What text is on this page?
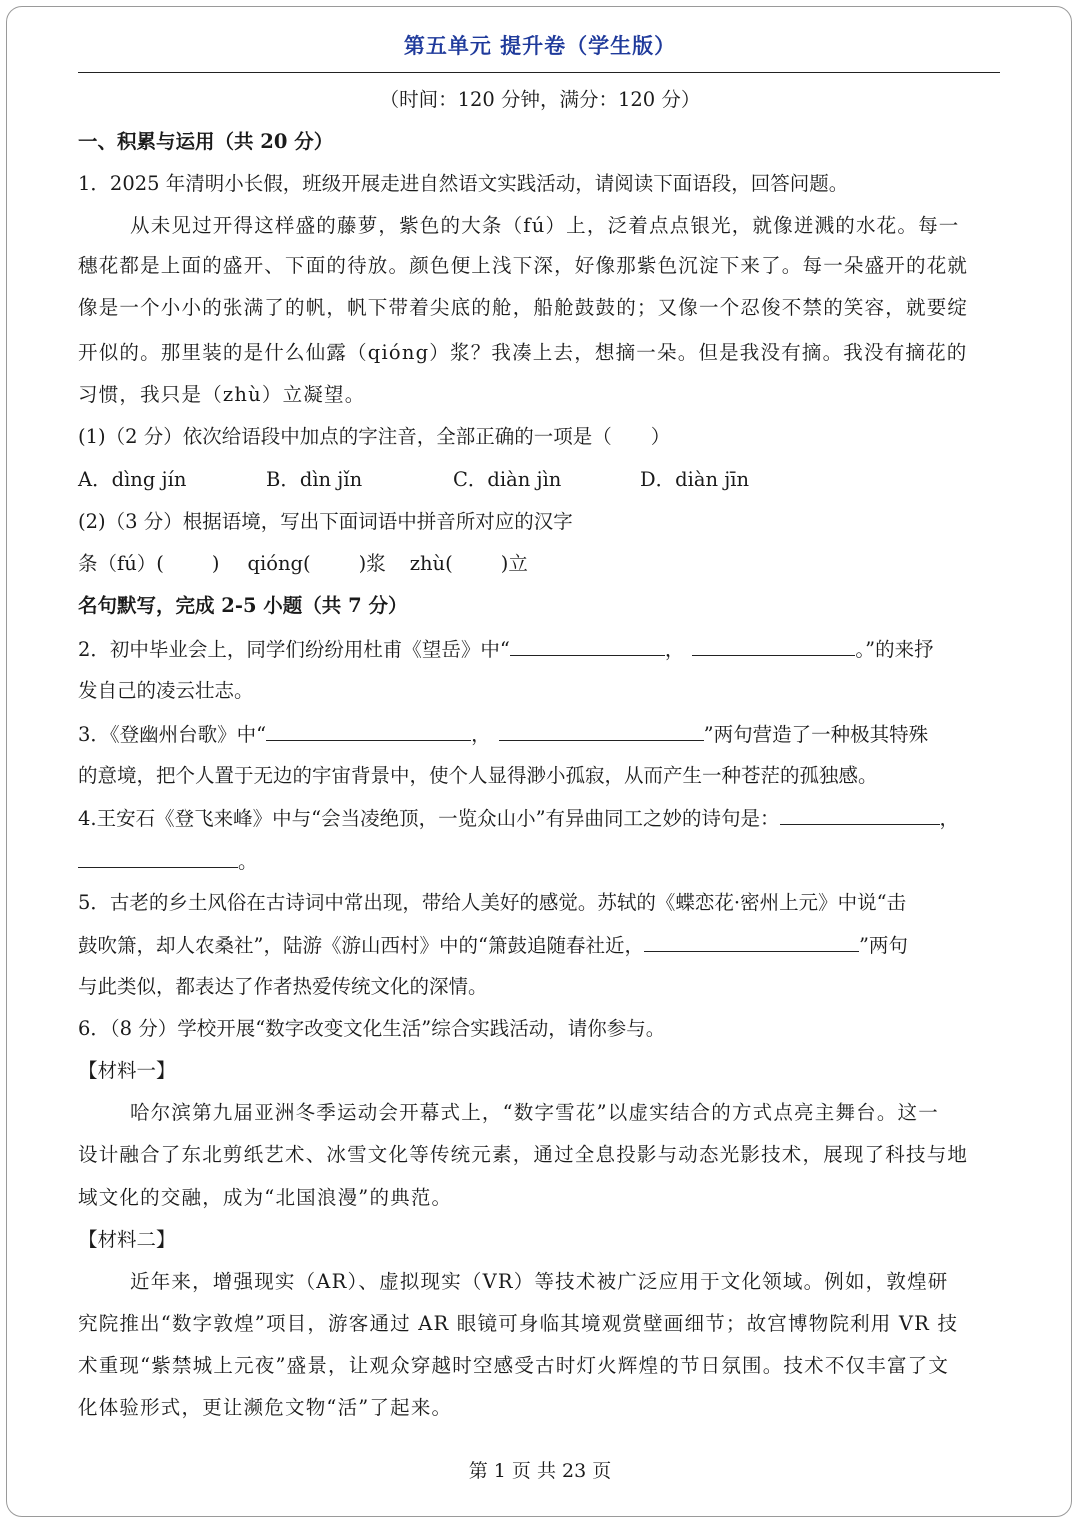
第五单元 提升卷（学生版）
（时间：120 分钟，满分：120 分）
一、积累与运用（共 20 分）
1．2025 年清明小长假，班级开展走进自然语文实践活动，请阅读下面语段，回答问题。
从未见过开得这样盛的藤萝，紫色的大条（fú）上，泛着点点银光，就像迸溅的水花。每一
穗花都是上面的盛开、下面的待放。颜色便上浅下深，好像那紫色沉淀下来了。每一朵盛开的花就
像是一个小小的张满了的帆，帆下带着尖底的舱，船舱鼓鼓的；又像一个忍俊不禁的笑容，就要绽
开似的。那里装的是什么仙露（qióng）浆？我凑上去，想摘一朵。但是我没有摘。我没有摘花的
习惯，我只是（zhù）立凝望。
(1)（2 分）依次给语段中加点的字注音，全部正确的一项是（　　）
A．dìng jín	B．dìn jǐn	C．diàn jìn	D．diàn jīn
(2)（3 分）根据语境，写出下面词语中拼音所对应的汉字
条（fú）( ) qióng( )浆 zhù( )立
名句默写，完成 2-5 小题（共 7 分）
2．初中毕业会上，同学们纷纷用杜甫《望岳》中“	，	。”的来抒
发自己的凌云壮志。
3．《登幽州台歌》中“	，	”两句营造了一种极其特殊
的意境，把个人置于无边的宇宙背景中，使个人显得渺小孤寂，从而产生一种苍茫的孤独感。
4.王安石《登飞来峰》中与“会当凌绝顶，一览众山小”有异曲同工之妙的诗句是：	，
。
5．古老的乡土风俗在古诗词中常出现，带给人美好的感觉。苏轼的《蝶恋花·密州上元》中说“击
鼓吹箫，却人农桑社”，陆游《游山西村》中的“箫鼓追随春社近，	”两句
与此类似，都表达了作者热爱传统文化的深情。
6．（8 分）学校开展“数字改变文化生活”综合实践活动，请你参与。
【材料一】
哈尔滨第九届亚洲冬季运动会开幕式上，“数字雪花”以虚实结合的方式点亮主舞台。这一
设计融合了东北剪纸艺术、冰雪文化等传统元素，通过全息投影与动态光影技术，展现了科技与地
域文化的交融，成为“北国浪漫”的典范。
【材料二】
近年来，增强现实（AR）、虚拟现实（VR）等技术被广泛应用于文化领域。例如，敦煌研
究院推出“数字敦煌”项目，游客通过 AR 眼镜可身临其境观赏壁画细节；故宫博物院利用 VR 技
术重现“紫禁城上元夜”盛景，让观众穿越时空感受古时灯火辉煌的节日氛围。技术不仅丰富了文
化体验形式，更让濒危文物“活”了起来。
第 1 页 共 23 页
